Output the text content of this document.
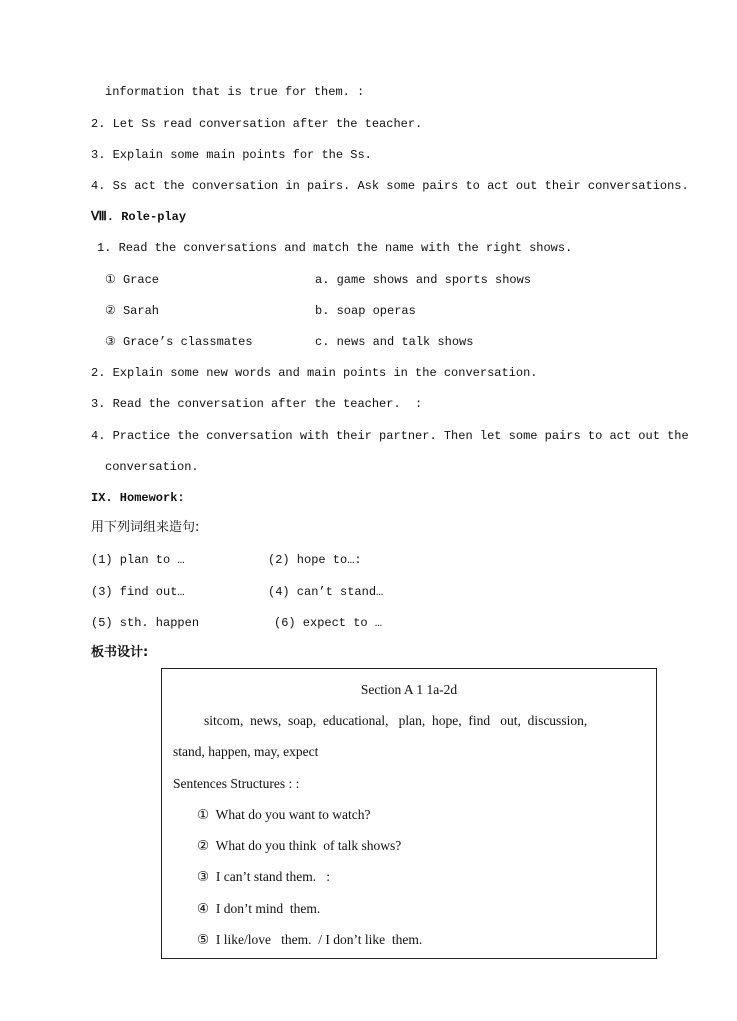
information that is true for them. :
2. Let Ss read conversation after the teacher.
3. Explain some main points for the Ss.
4. Ss act the conversation in pairs. Ask some pairs to act out their conversations.
Ⅷ. Role-play
1. Read the conversations and match the name with the right shows.
① Grace	a. game shows and sports shows
② Sarah	b. soap operas
③ Grace’s classmates	c. news and talk shows
2. Explain some new words and main points in the conversation.
3. Read the conversation after the teacher.  :
4. Practice the conversation with their partner. Then let some pairs to act out the
conversation.
IX. Homework:
用下列词组来造句:
(1) plan to …	(2) hope to…:
(3) find out…	(4) can’t stand…
(5) sth. happen	(6) expect to …
板书设计:
Section A 1 1a-2d
sitcom,  news,  soap,  educational,   plan,  hope,  find   out,  discussion,
stand, happen, may, expect
Sentences Structures : :
①  What do you want to watch?
②  What do you think  of talk shows?
③  I can’t stand them.   :
④  I don’t mind  them.
⑤  I like/love   them.  / I don’t like  them.
